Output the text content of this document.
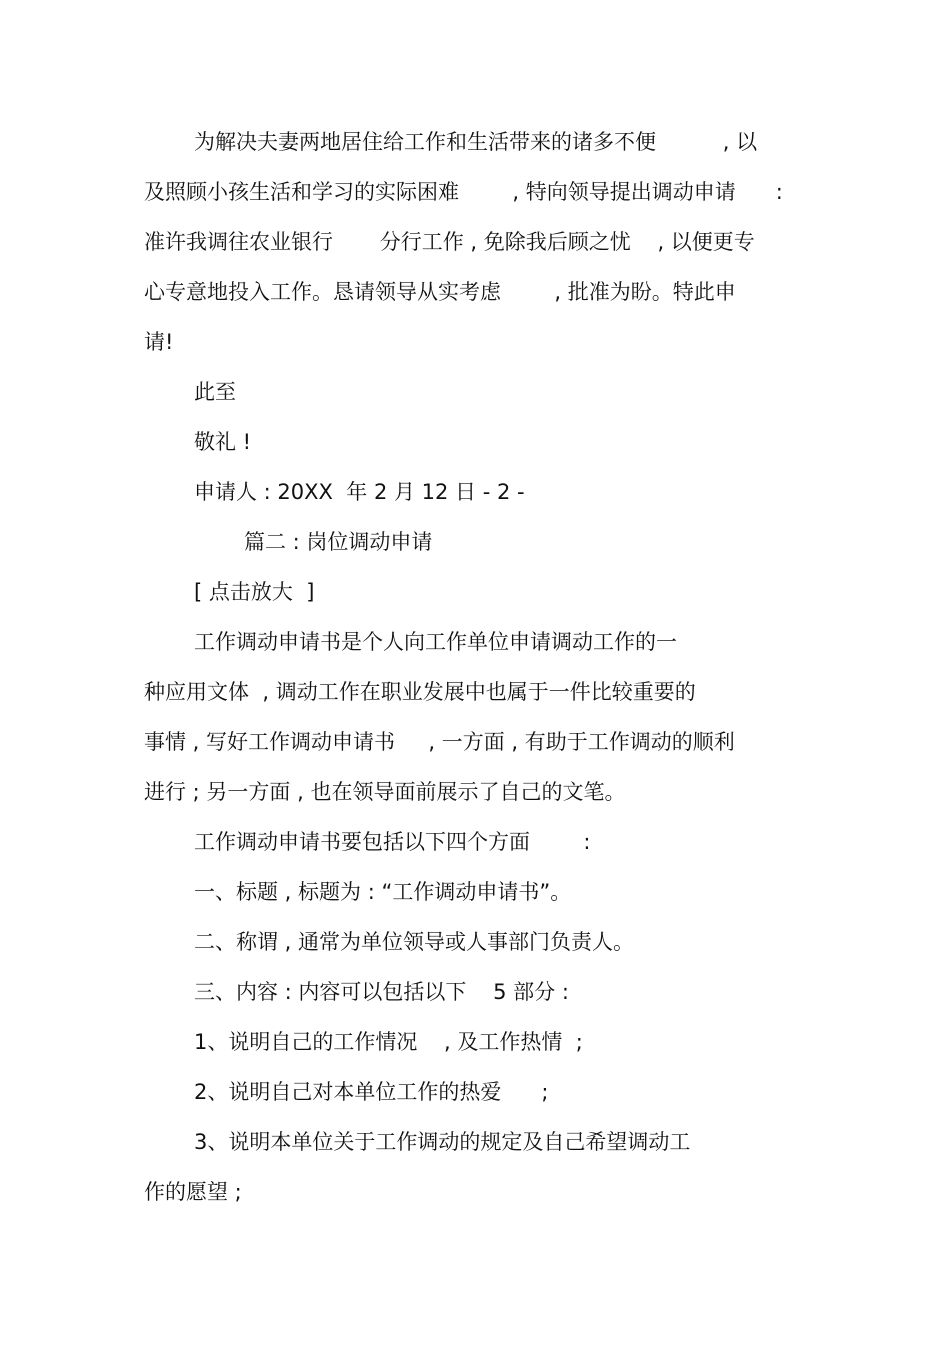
为解决夫妻两地居住给工作和生活带来的诸多不便          , 以
及照顾小孩生活和学习的实际困难        , 特向领导提出调动申请      :
准许我调往农业银行       分行工作 , 免除我后顾之忧    , 以便更专
心专意地投入工作。恳请领导从实考虑        , 批准为盼。特此申
请!
此至
敬礼 !
申请人 : 20XX  年 2 月 12 日 - 2 -
篇二 : 岗位调动申请
[ 点击放大  ]
工作调动申请书是个人向工作单位申请调动工作的一
种应用文体  , 调动工作在职业发展中也属于一件比较重要的
事情 , 写好工作调动申请书     , 一方面 , 有助于工作调动的顺利
进行 ; 另一方面 , 也在领导面前展示了自己的文笔。
工作调动申请书要包括以下四个方面        :
一、标题 , 标题为 : “工作调动申请书”。
二、称谓 , 通常为单位领导或人事部门负责人。
三、内容 : 内容可以包括以下    5 部分 :
1、说明自己的工作情况    , 及工作热情  ;
2、说明自己对本单位工作的热爱      ;
3、说明本单位关于工作调动的规定及自己希望调动工
作的愿望 ;
